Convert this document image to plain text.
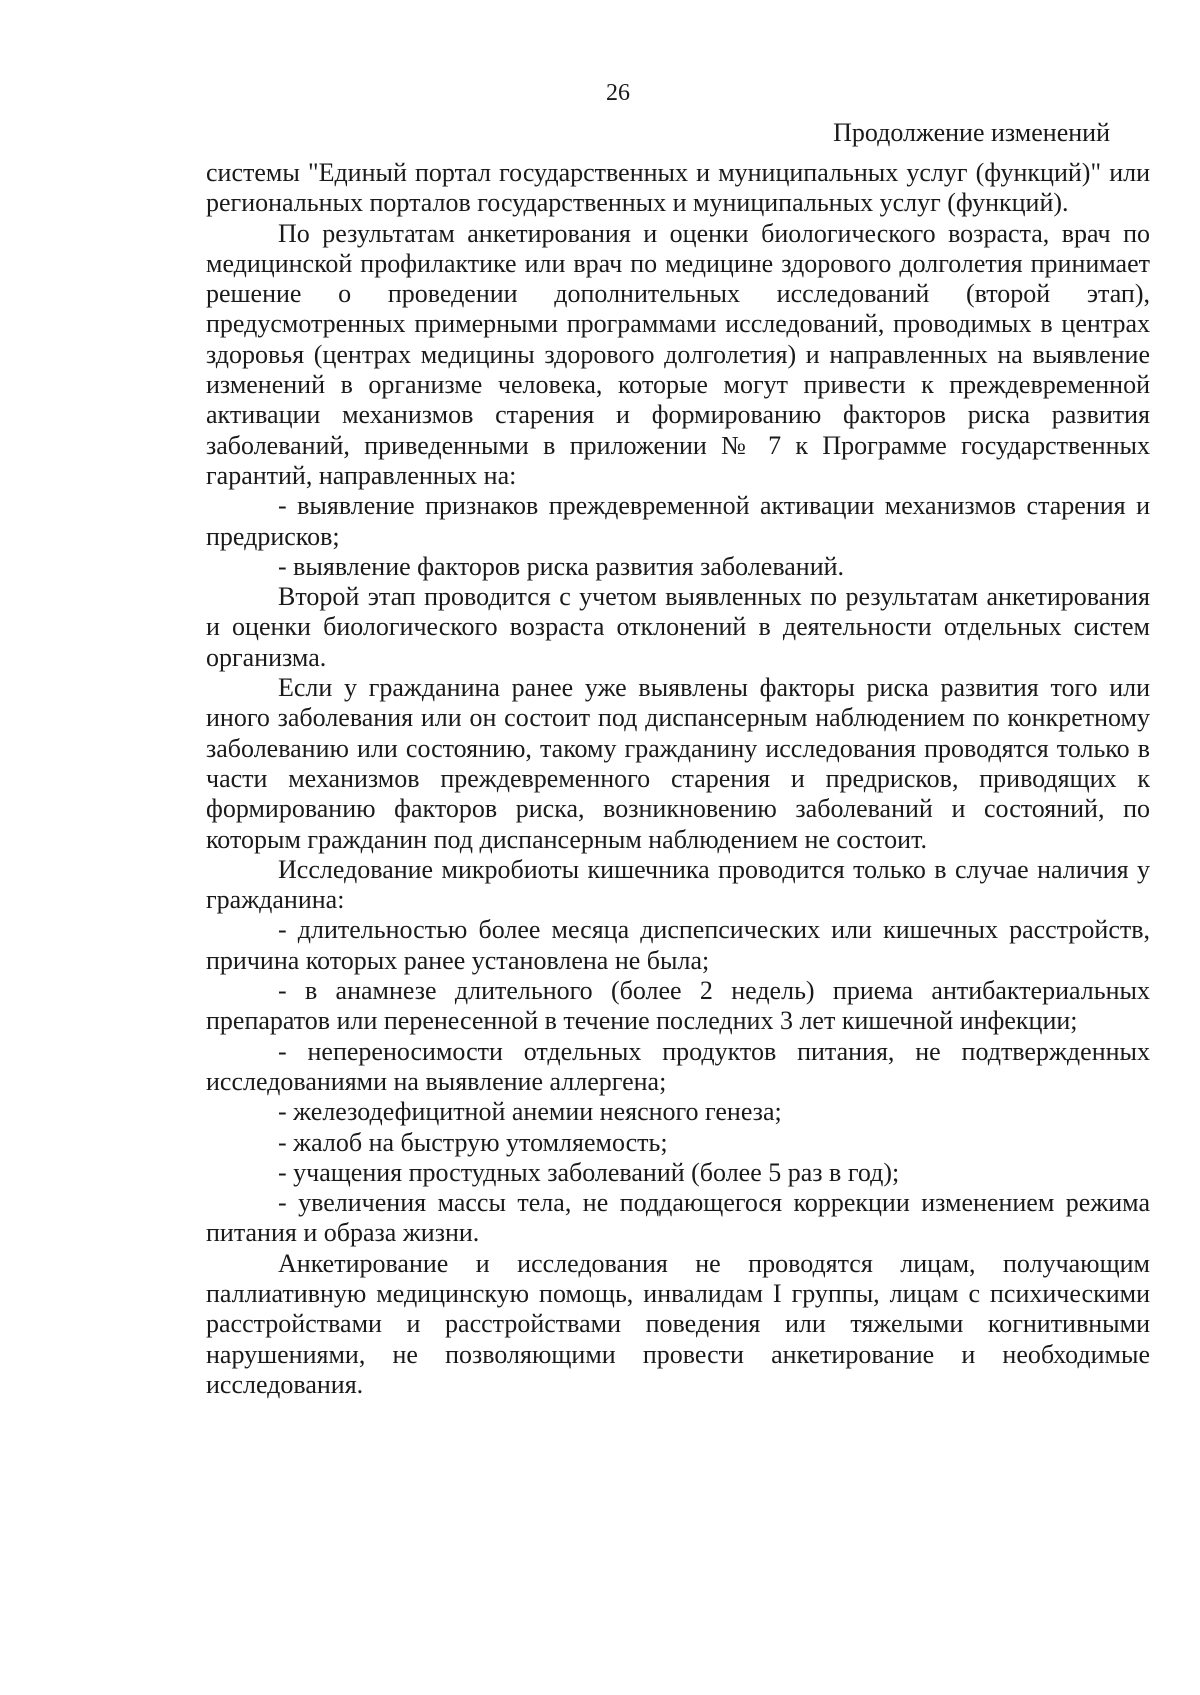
26
Продолжение изменений

системы "Единый портал государственных и муниципальных услуг (функций)" или региональных порталов государственных и муниципальных услуг (функций).

По результатам анкетирования и оценки биологического возраста, врач по медицинской профилактике или врач по медицине здорового долголетия принимает решение о проведении дополнительных исследований (второй этап), предусмотренных примерными программами исследований, проводимых в центрах здоровья (центрах медицины здорового долголетия) и направленных на выявление изменений в организме человека, которые могут привести к преждевременной активации механизмов старения и формированию факторов риска развития заболеваний, приведенными в приложении № 7 к Программе государственных гарантий, направленных на:

- выявление признаков преждевременной активации механизмов старения и предрисков;

- выявление факторов риска развития заболеваний.

Второй этап проводится с учетом выявленных по результатам анкетирования и оценки биологического возраста отклонений в деятельности отдельных систем организма.

Если у гражданина ранее уже выявлены факторы риска развития того или иного заболевания или он состоит под диспансерным наблюдением по конкретному заболеванию или состоянию, такому гражданину исследования проводятся только в части механизмов преждевременного старения и предрисков, приводящих к формированию факторов риска, возникновению заболеваний и состояний, по которым гражданин под диспансерным наблюдением не состоит.

Исследование микробиоты кишечника проводится только в случае наличия у гражданина:

- длительностью более месяца диспепсических или кишечных расстройств, причина которых ранее установлена не была;

- в анамнезе длительного (более 2 недель) приема антибактериальных препаратов или перенесенной в течение последних 3 лет кишечной инфекции;

- непереносимости отдельных продуктов питания, не подтвержденных исследованиями на выявление аллергена;

- железодефицитной анемии неясного генеза;

- жалоб на быструю утомляемость;

- учащения простудных заболеваний (более 5 раз в год);

- увеличения массы тела, не поддающегося коррекции изменением режима питания и образа жизни.

Анкетирование и исследования не проводятся лицам, получающим паллиативную медицинскую помощь, инвалидам I группы, лицам с психическими расстройствами и расстройствами поведения или тяжелыми когнитивными нарушениями, не позволяющими провести анкетирование и необходимые исследования.
